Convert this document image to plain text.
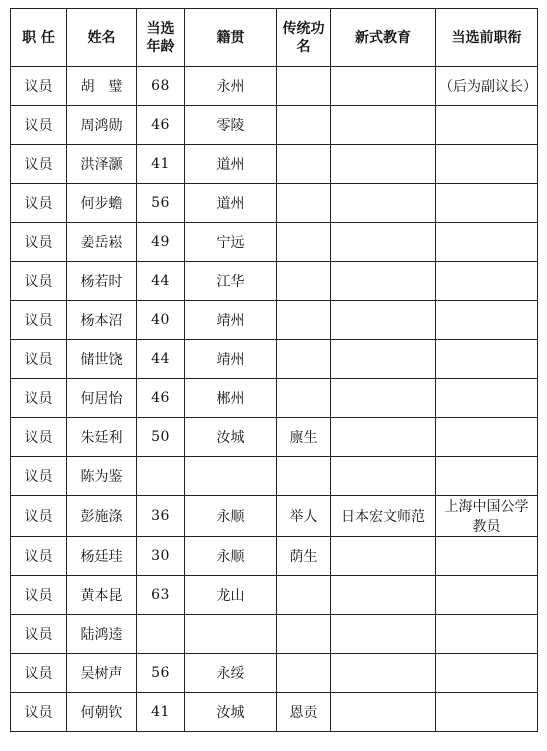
职 任	姓名	当选年龄	籍贯	传统功名	新式教育	当选前职衔
议员	胡　璧	68	永州			（后为副议长）
议员	周鸿勋	46	零陵			
议员	洪泽灏	41	道州			
议员	何步蟾	56	道州			
议员	姜岳崧	49	宁远			
议员	杨若时	44	江华			
议员	杨本沼	40	靖州			
议员	储世饶	44	靖州			
议员	何居怡	46	郴州			
议员	朱廷利	50	汝城	廪生		
议员	陈为鉴					
议员	彭施涤	36	永顺	举人	日本宏文师范	上海中国公学教员
议员	杨廷珪	30	永顺	荫生		
议员	黄本昆	63	龙山			
议员	陆鸿逵					
议员	吴树声	56	永绥			
议员	何朝钦	41	汝城	恩贡		
